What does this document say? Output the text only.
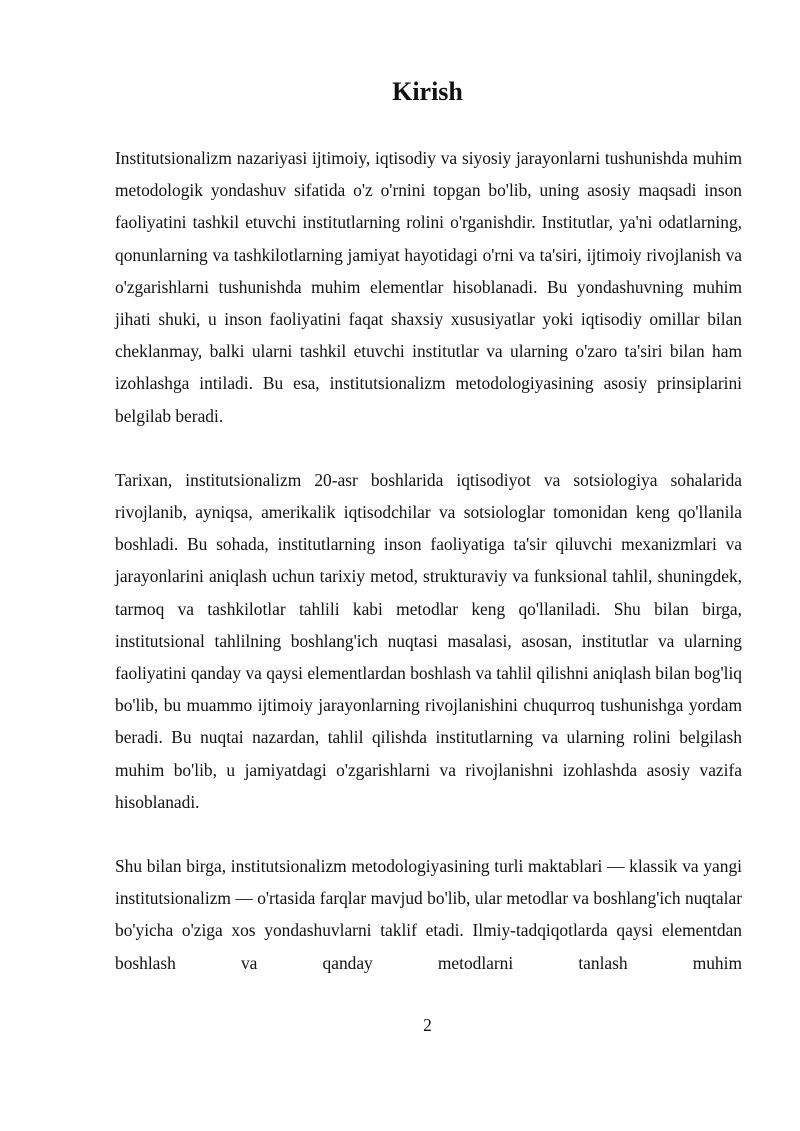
Kirish

Institutsionalizm nazariyasi ijtimoiy, iqtisodiy va siyosiy jarayonlarni tushunishda muhim metodologik yondashuv sifatida o'z o'rnini topgan bo'lib, uning asosiy maqsadi inson faoliyatini tashkil etuvchi institutlarning rolini o'rganishdir. Institutlar, ya'ni odatlarning, qonunlarning va tashkilotlarning jamiyat hayotidagi o'rni va ta'siri, ijtimoiy rivojlanish va o'zgarishlarni tushunishda muhim elementlar hisoblanadi. Bu yondashuvning muhim jihati shuki, u inson faoliyatini faqat shaxsiy xususiyatlar yoki iqtisodiy omillar bilan cheklanmay, balki ularni tashkil etuvchi institutlar va ularning o'zaro ta'siri bilan ham izohlashga intiladi. Bu esa, institutsionalizm metodologiyasining asosiy prinsiplarini belgilab beradi.

Tarixan, institutsionalizm 20-asr boshlarida iqtisodiyot va sotsiologiya sohalarida rivojlanib, ayniqsa, amerikalik iqtisodchilar va sotsiologlar tomonidan keng qo'llanila boshladi. Bu sohada, institutlarning inson faoliyatiga ta'sir qiluvchi mexanizmlari va jarayonlarini aniqlash uchun tarixiy metod, strukturaviy va funksional tahlil, shuningdek, tarmoq va tashkilotlar tahlili kabi metodlar keng qo'llaniladi. Shu bilan birga, institutsional tahlilning boshlang'ich nuqtasi masalasi, asosan, institutlar va ularning faoliyatini qanday va qaysi elementlardan boshlash va tahlil qilishni aniqlash bilan bog'liq bo'lib, bu muammo ijtimoiy jarayonlarning rivojlanishini chuqurroq tushunishga yordam beradi. Bu nuqtai nazardan, tahlil qilishda institutlarning va ularning rolini belgilash muhim bo'lib, u jamiyatdagi o'zgarishlarni va rivojlanishni izohlashda asosiy vazifa hisoblanadi.

Shu bilan birga, institutsionalizm metodologiyasining turli maktablari — klassik va yangi institutsionalizm — o'rtasida farqlar mavjud bo'lib, ular metodlar va boshlang'ich nuqtalar bo'yicha o'ziga xos yondashuvlarni taklif etadi. Ilmiy-tadqiqotlarda qaysi elementdan boshlash va qanday metodlarni tanlash muhim

2
